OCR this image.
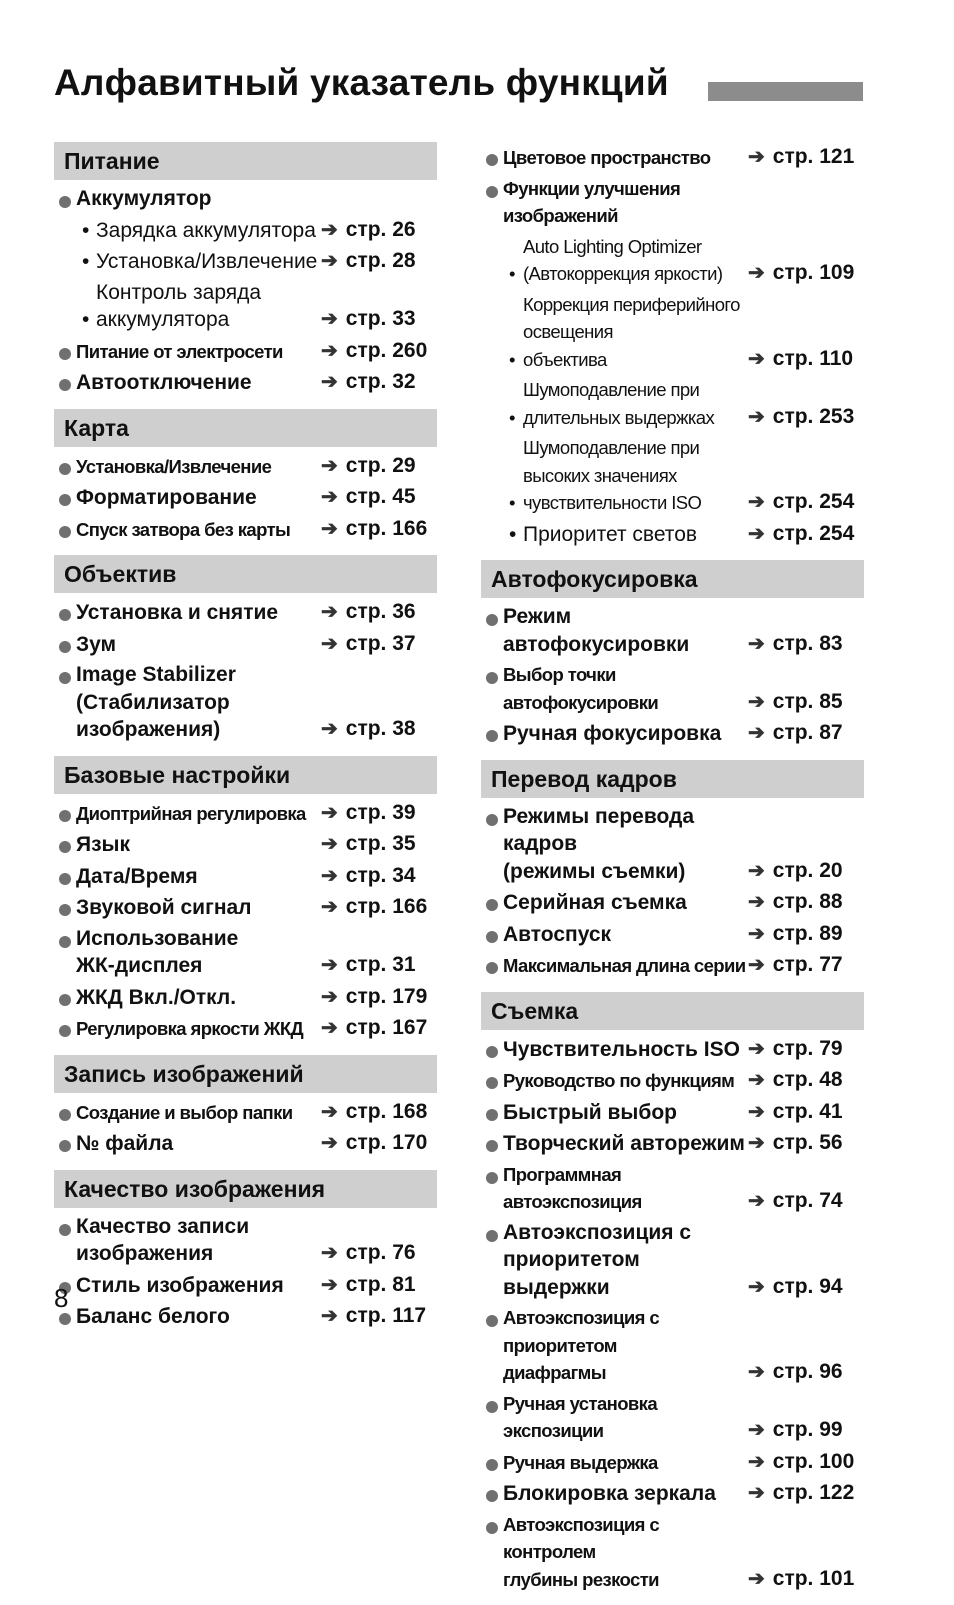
Алфавитный указатель функций
Питание
Аккумулятор
• Зарядка аккумулятора ➔ стр. 26
• Установка/Извлечение ➔ стр. 28
•
Контроль заряда
аккумулятора	➔ стр. 33
Питание от электросети	➔ стр. 260
Автоотключение	➔ стр. 32
Карта
Установка/Извлечение	➔ стр. 29
Форматирование	➔ стр. 45
Спуск затвора без карты	➔ стр. 166
Объектив
Установка и снятие	➔ стр. 36
Зум	➔ стр. 37
Image Stabilizer (Стабилизатор
изображения)	➔ стр. 38
Базовые настройки
Диоптрийная регулировка ➔ стр. 39
Язык	➔ стр. 35
Дата/Время	➔ стр. 34
Звуковой сигнал	➔ стр. 166
Использование
ЖК-дисплея	➔ стр. 31
ЖКД Вкл./Откл.	➔ стр. 179
Регулировка яркости ЖКД ➔ стр. 167
Запись изображений
Создание и выбор папки	➔ стр. 168
№ файла	➔ стр. 170
Качество изображения
Качество записи
изображения	➔ стр. 76
Стиль изображения	➔ стр. 81
Баланс белого	➔ стр. 117
Цветовое пространство	➔ стр. 121
Функции улучшения изображений
•
Auto Lighting Optimizer
(Автокоррекция яркости)	➔ стр. 109
•
Коррекция периферийного освещения
объектива	➔ стр. 110
•
Шумоподавление при
длительных выдержках	➔ стр. 253
•
Шумоподавление при
высоких значениях
чувствительности ISO	➔ стр. 254
• Приоритет светов	➔ стр. 254
Автофокусировка
Режим автофокусировки	➔ стр. 83
Выбор точки автофокусировки	➔ стр. 85
Ручная фокусировка	➔ стр. 87
Перевод кадров
Режимы перевода кадров
(режимы съемки)	➔ стр. 20
Серийная съемка	➔ стр. 88
Автоспуск	➔ стр. 89
Максимальная длина серии ➔ стр. 77
Съемка
Чувствительность ISO ➔ стр. 79
Руководство по функциям ➔ стр. 48
Быстрый выбор	➔ стр. 41
Творческий авторежим ➔ стр. 56
Программная автоэкспозиция	➔ стр. 74
Автоэкспозиция с
приоритетом выдержки	➔ стр. 94
Автоэкспозиция с приоритетом
диафрагмы	➔ стр. 96
Ручная установка экспозиции	➔ стр. 99
Ручная выдержка	➔ стр. 100
Блокировка зеркала	➔ стр. 122
Автоэкспозиция с контролем
глубины резкости	➔ стр. 101
8
